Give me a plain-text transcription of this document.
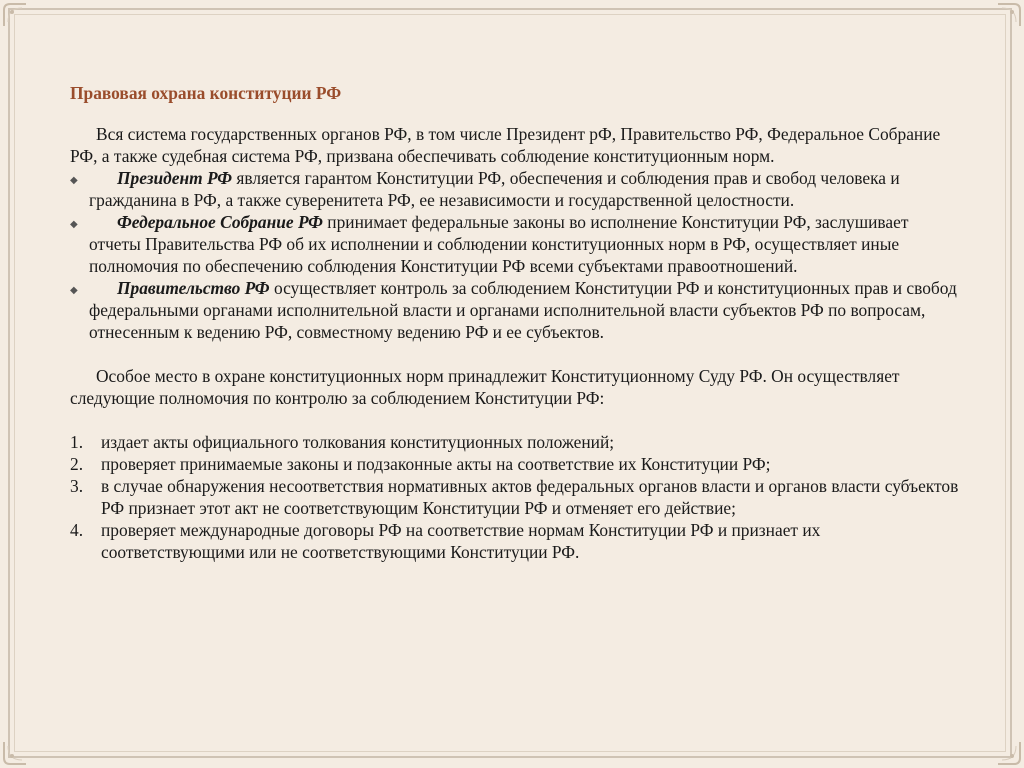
Правовая охрана конституции РФ

Вся система государственных органов РФ, в том числе Президент рФ, Правительство РФ, Федеральное Собрание РФ, а также судебная система РФ, призвана обеспечивать соблюдение конституционным норм.

◆ Президент РФ является гарантом Конституции РФ, обеспечения и соблюдения прав и свобод человека и гражданина в РФ, а также суверенитета РФ, ее независимости и государственной целостности.
◆ Федеральное Собрание РФ принимает федеральные законы во исполнение Конституции РФ, заслушивает отчеты Правительства РФ об их исполнении и соблюдении конституционных норм в РФ, осуществляет иные полномочия по обеспечению соблюдения Конституции РФ всеми субъектами правоотношений.
◆ Правительство РФ осуществляет контроль за соблюдением Конституции РФ и конституционных прав и свобод федеральными органами исполнительной власти и органами исполнительной власти субъектов РФ по вопросам, отнесенным к ведению РФ, совместному ведению РФ и ее субъектов.

Особое место в охране конституционных норм принадлежит Конституционному Суду РФ. Он осуществляет следующие полномочия по контролю за соблюдением Конституции РФ:

1. издает акты официального толкования конституционных положений;
2. проверяет принимаемые законы и подзаконные акты на соответствие их Конституции РФ;
3. в случае обнаружения несоответствия нормативных актов федеральных органов власти и органов власти субъектов РФ признает этот акт не соответствующим Конституции РФ и отменяет его действие;
4. проверяет международные договоры РФ на соответствие нормам Конституции РФ и признает их соответствующими или не соответствующими Конституции РФ.
